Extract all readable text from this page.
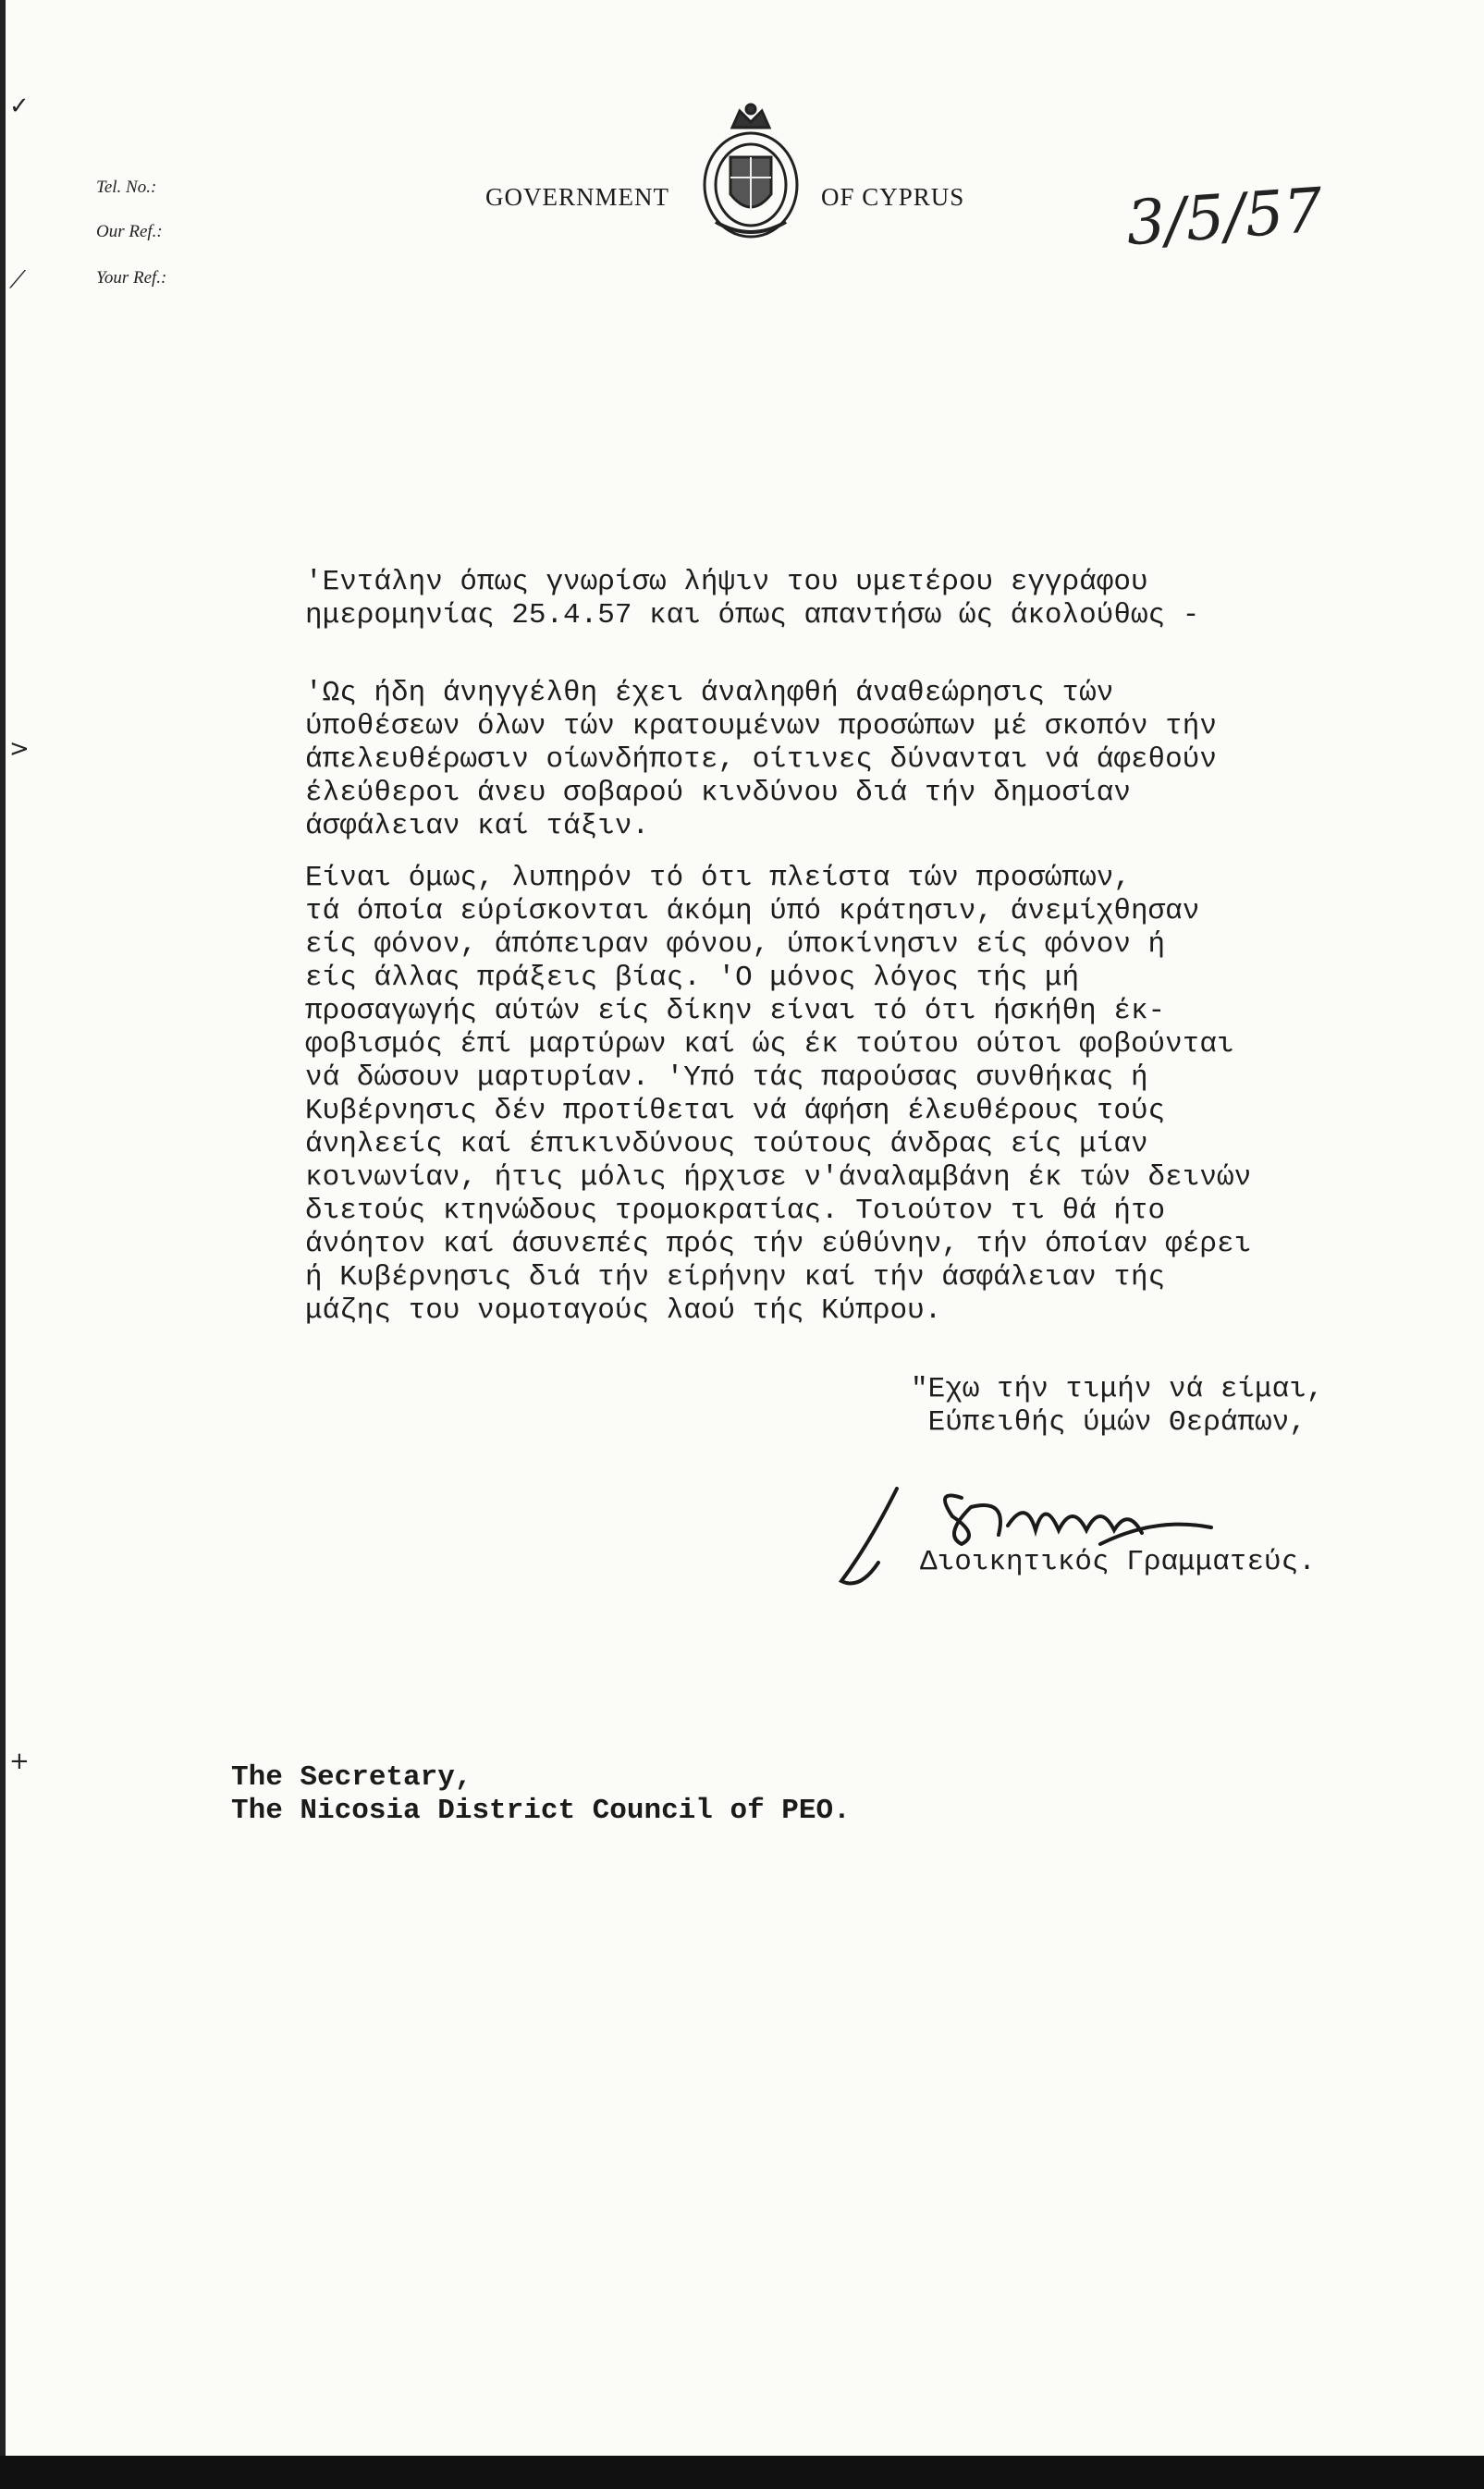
✓
⟋
>
+
Tel. No.:
Our Ref.:
Your Ref.:
GOVERNMENT	OF CYPRUS	3/5/57
'Εντάλην όπως γνωρίσω λήψιν του υμετέρου εγγράφου
ημερομηνίας 25.4.57 και όπως απαντήσω ώς άκολούθως -
'Ως ήδη άνηγγέλθη έχει άναληφθή άναθεώρησις τών
ύποθέσεων όλων τών κρατουμένων προσώπων μέ σκοπόν τήν
άπελευθέρωσιν οίωνδήποτε, οίτινες δύνανται νά άφεθούν
έλεύθεροι άνευ σοβαρού κινδύνου διά τήν δημοσίαν
άσφάλειαν καί τάξιν.
Είναι όμως, λυπηρόν τό ότι πλείστα τών προσώπων,
τά όποία εύρίσκονται άκόμη ύπό κράτησιν, άνεμίχθησαν
είς φόνον, άπόπειραν φόνου, ύποκίνησιν είς φόνον ή
είς άλλας πράξεις βίας. 'Ο μόνος λόγος τής μή
προσαγωγής αύτών είς δίκην είναι τό ότι ήσκήθη έκ-
φοβισμός έπί μαρτύρων καί ώς έκ τούτου ούτοι φοβούνται
νά δώσουν μαρτυρίαν. 'Υπό τάς παρούσας συνθήκας ή
Κυβέρνησις δέν προτίθεται νά άφήση έλευθέρους τούς
άνηλεείς καί έπικινδύνους τούτους άνδρας είς μίαν
κοινωνίαν, ήτις μόλις ήρχισε ν'άναλαμβάνη έκ τών δεινών
διετούς κτηνώδους τρομοκρατίας. Τοιούτον τι θά ήτο
άνόητον καί άσυνεπές πρός τήν εύθύνην, τήν όποίαν φέρει
ή Κυβέρνησις διά τήν είρήνην καί τήν άσφάλειαν τής
μάζης του νομοταγούς λαού τής Κύπρου.
"Εχω τήν τιμήν νά είμαι,
Εύπειθής ύμών Θεράπων,
Διοικητικός Γραμματεύς.
The Secretary,
The Nicosia District Council of PEO.
